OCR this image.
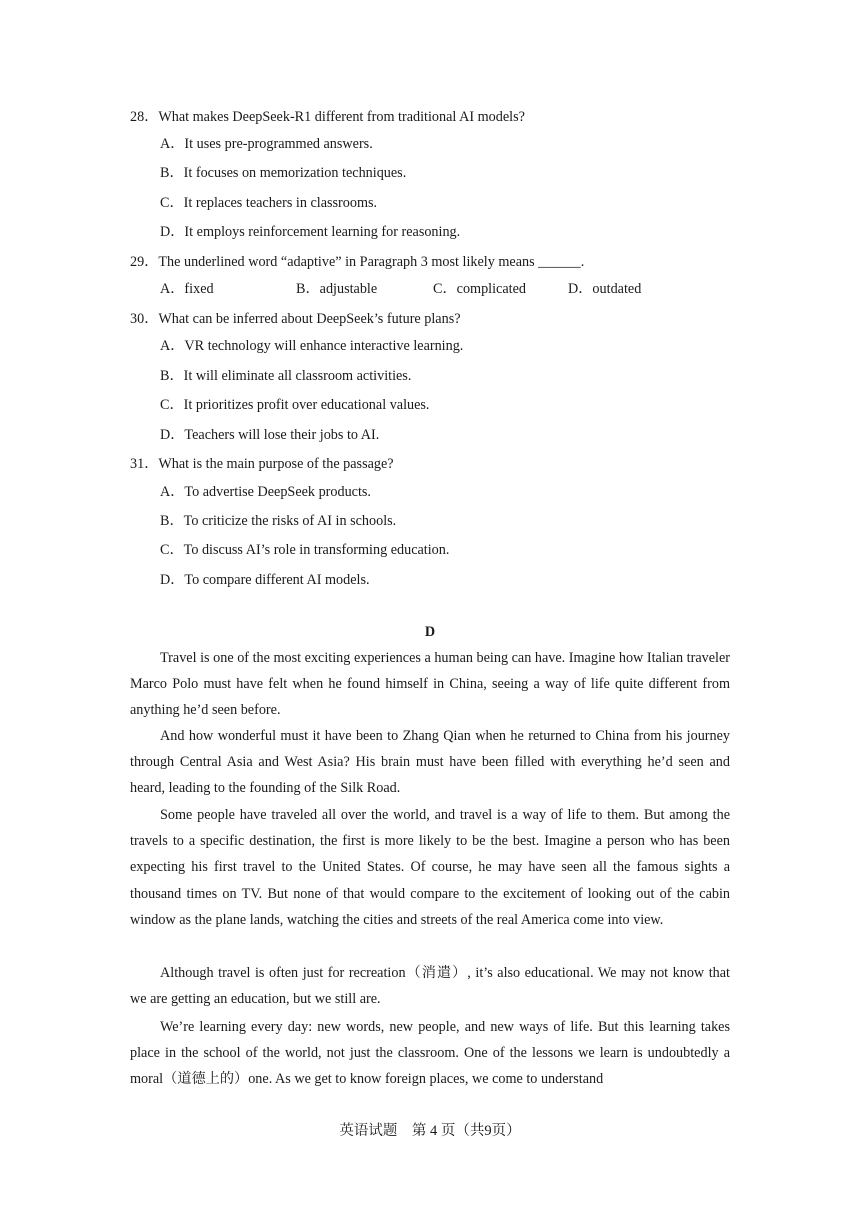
28．What makes DeepSeek-R1 different from traditional AI models?
A．It uses pre-programmed answers.
B．It focuses on memorization techniques.
C．It replaces teachers in classrooms.
D．It employs reinforcement learning for reasoning.
29．The underlined word “adaptive” in Paragraph 3 most likely means ______.
A．fixed	B．adjustable	C．complicated	D．outdated
30．What can be inferred about DeepSeek’s future plans?
A．VR technology will enhance interactive learning.
B．It will eliminate all classroom activities.
C．It prioritizes profit over educational values.
D．Teachers will lose their jobs to AI.
31．What is the main purpose of the passage?
A．To advertise DeepSeek products.
B．To criticize the risks of AI in schools.
C．To discuss AI’s role in transforming education.
D．To compare different AI models.
D
Travel is one of the most exciting experiences a human being can have. Imagine how Italian traveler Marco Polo must have felt when he found himself in China, seeing a way of life quite different from anything he’d seen before.
And how wonderful must it have been to Zhang Qian when he returned to China from his journey through Central Asia and West Asia? His brain must have been filled with everything he’d seen and heard, leading to the founding of the Silk Road.
Some people have traveled all over the world, and travel is a way of life to them. But among the travels to a specific destination, the first is more likely to be the best. Imagine a person who has been expecting his first travel to the United States. Of course, he may have seen all the famous sights a thousand times on TV. But none of that would compare to the excitement of looking out of the cabin window as the plane lands, watching the cities and streets of the real America come into view.
Although travel is often just for recreation（消遣）, it’s also educational. We may not know that we are getting an education, but we still are.
We’re learning every day: new words, new people, and new ways of life. But this learning takes place in the school of the world, not just the classroom. One of the lessons we learn is undoubtedly a moral（道德上的）one. As we get to know foreign places, we come to understand
英语试题　第 4 页（共9页）
